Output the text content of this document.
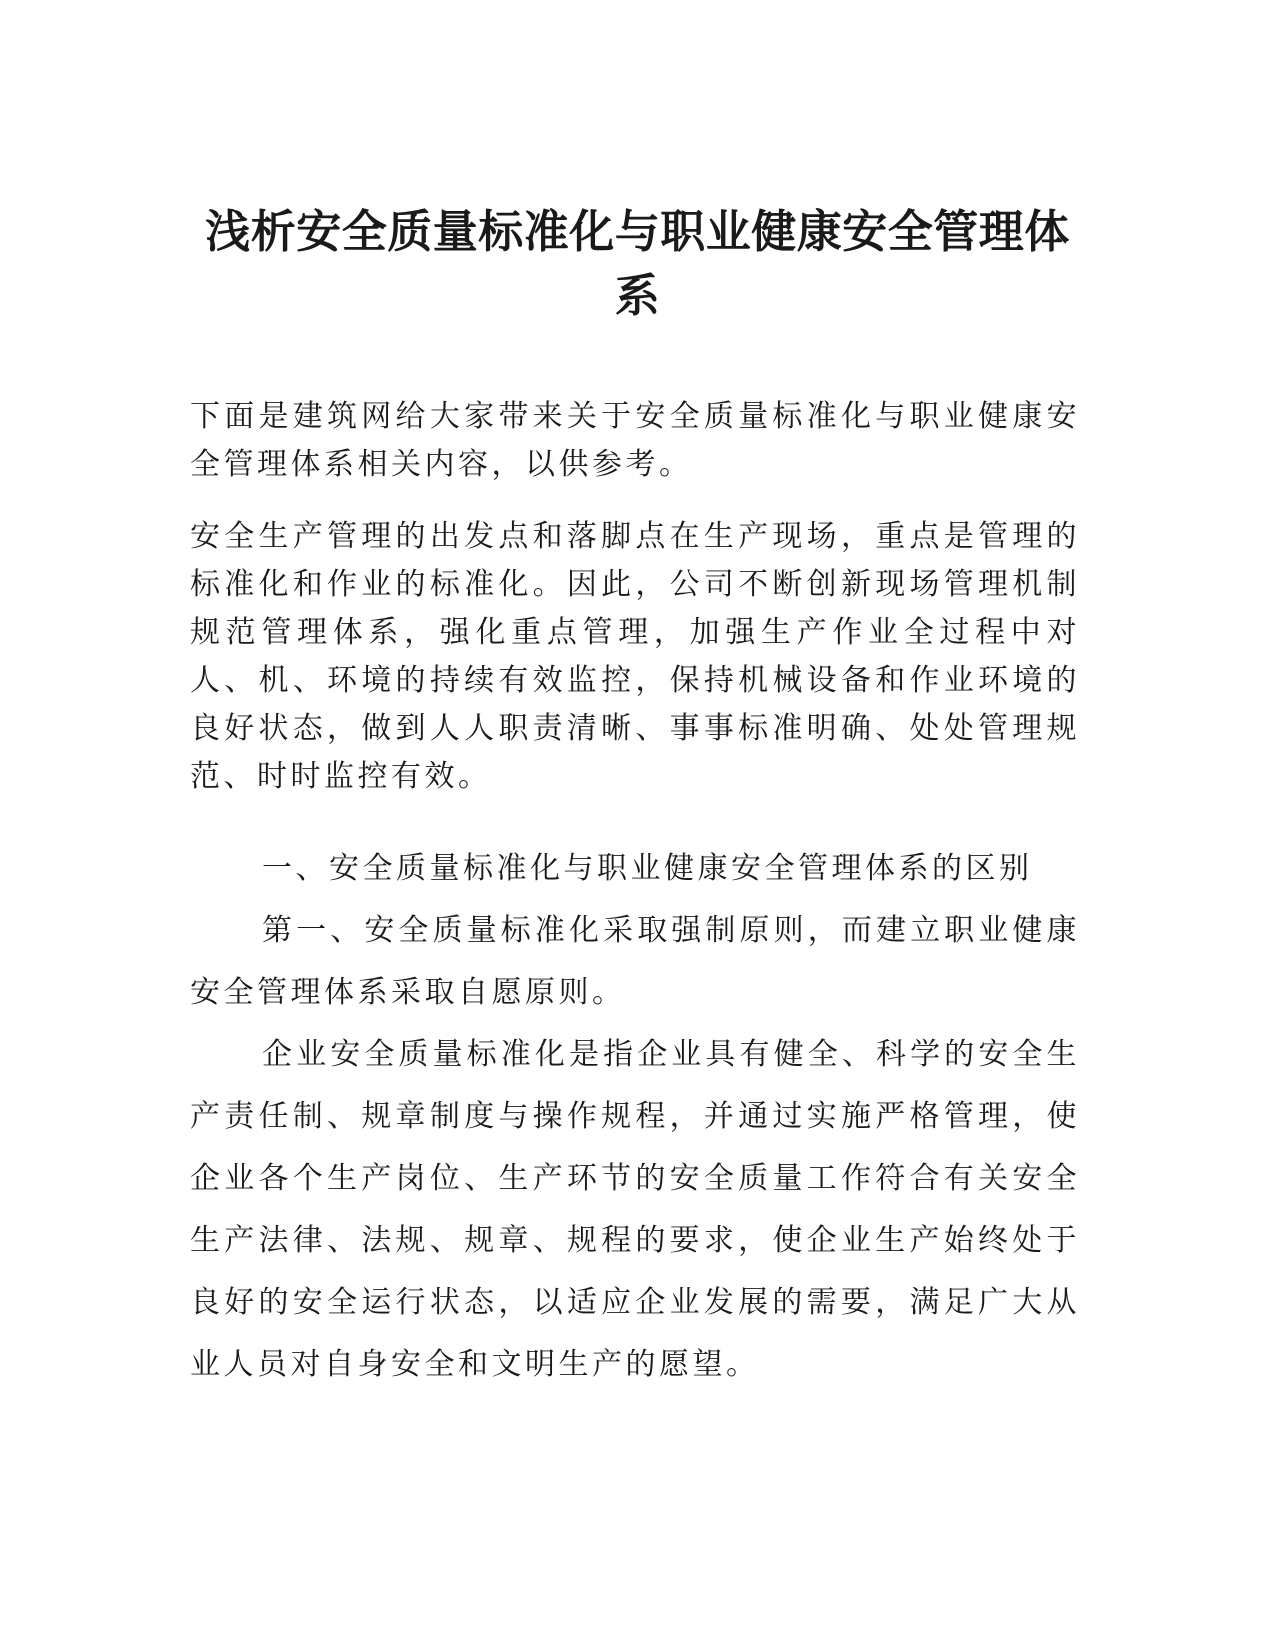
浅析安全质量标准化与职业健康安全管理体系

下面是建筑网给大家带来关于安全质量标准化与职业健康安全管理体系相关内容，以供参考。

安全生产管理的出发点和落脚点在生产现场，重点是管理的标准化和作业的标准化。因此，公司不断创新现场管理机制规范管理体系，强化重点管理，加强生产作业全过程中对人、机、环境的持续有效监控，保持机械设备和作业环境的良好状态，做到人人职责清晰、事事标准明确、处处管理规范、时时监控有效。

一、安全质量标准化与职业健康安全管理体系的区别

第一、安全质量标准化采取强制原则，而建立职业健康安全管理体系采取自愿原则。

企业安全质量标准化是指企业具有健全、科学的安全生产责任制、规章制度与操作规程，并通过实施严格管理，使企业各个生产岗位、生产环节的安全质量工作符合有关安全生产法律、法规、规章、规程的要求，使企业生产始终处于良好的安全运行状态，以适应企业发展的需要，满足广大从业人员对自身安全和文明生产的愿望。
